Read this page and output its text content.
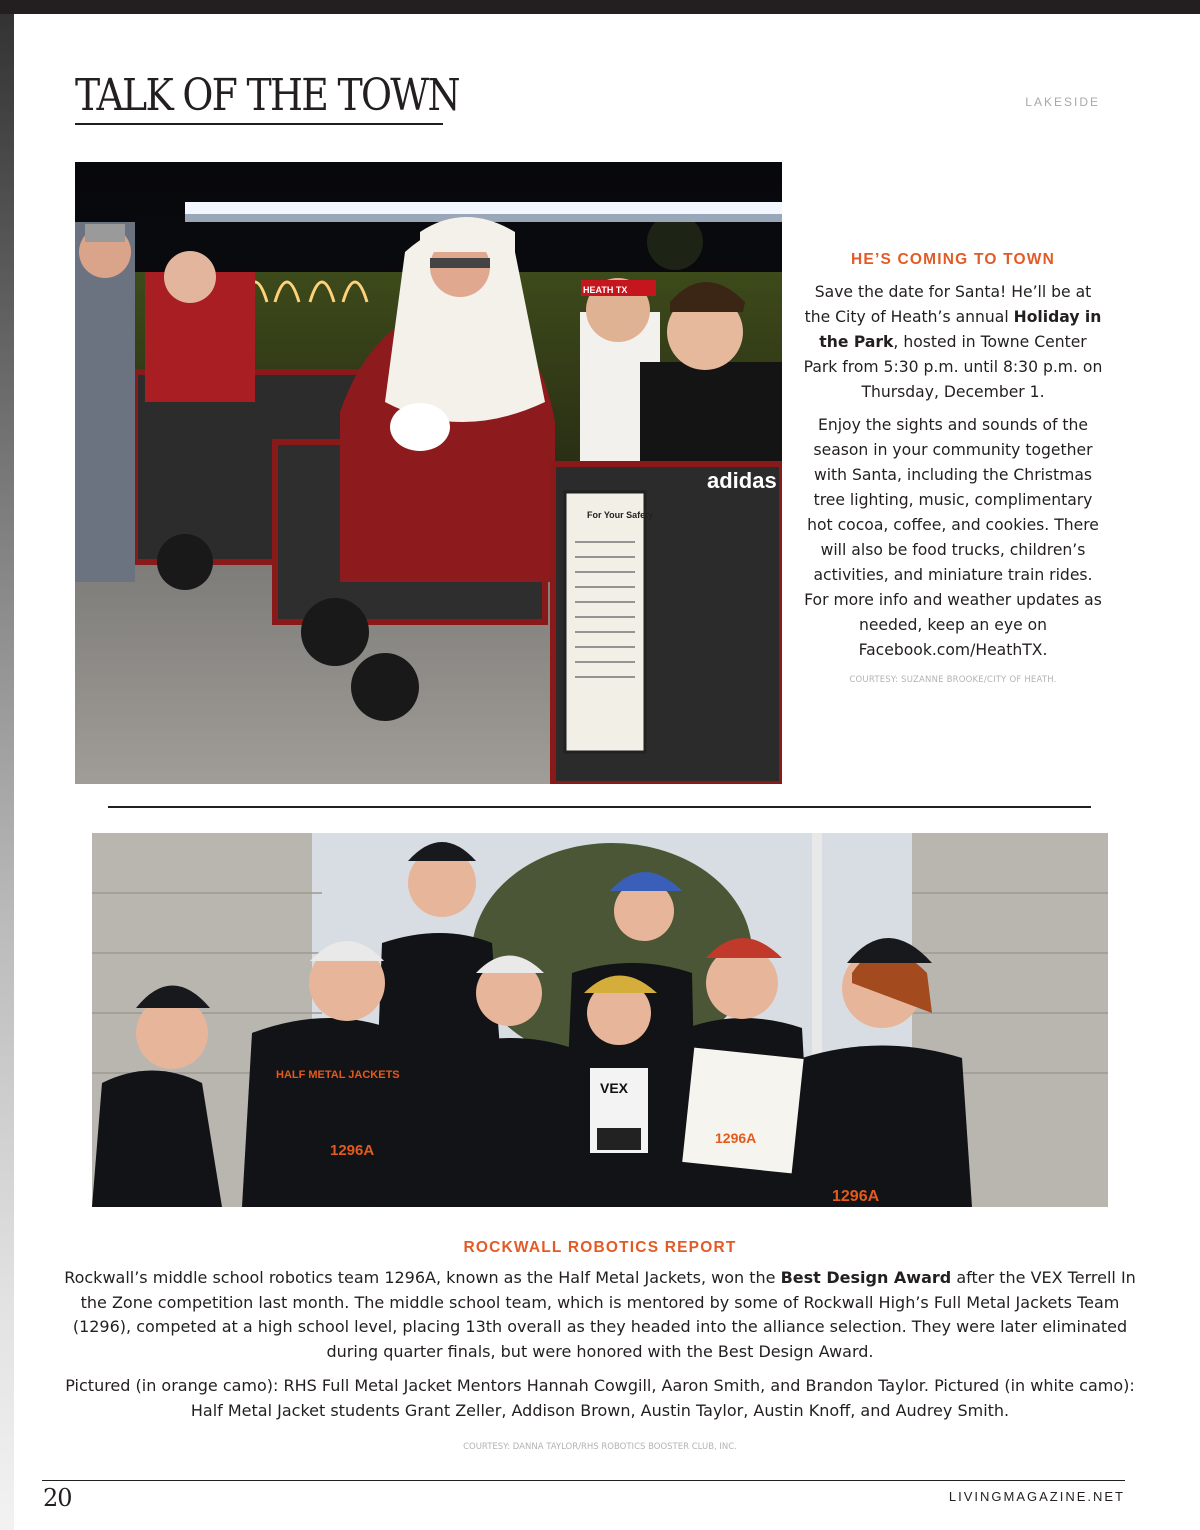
TALK OF THE TOWN	LAKESIDE
HEATH TX
For Your Safety
adidas
HE’S COMING TO TOWN

Save the date for Santa! He’ll be at the City of Heath’s annual Holiday in the Park, hosted in Towne Center Park from 5:30 p.m. until 8:30 p.m. on Thursday, December 1.

Enjoy the sights and sounds of the season in your community together with Santa, including the Christmas tree lighting, music, complimentary hot cocoa, coffee, and cookies. There will also be food trucks, children’s activities, and miniature train rides. For more info and weather updates as needed, keep an eye on Facebook.com/HeathTX.

COURTESY: SUZANNE BROOKE/CITY OF HEATH.
HALF METAL JACKETS
1296A
1296A
1296A
VEX
ROCKWALL ROBOTICS REPORT

Rockwall’s middle school robotics team 1296A, known as the Half Metal Jackets, won the Best Design Award after the VEX Terrell In the Zone competition last month. The middle school team, which is mentored by some of Rockwall High’s Full Metal Jackets Team (1296), competed at a high school level, placing 13th overall as they headed into the alliance selection. They were later eliminated during quarter finals, but were honored with the Best Design Award.

Pictured (in orange camo): RHS Full Metal Jacket Mentors Hannah Cowgill, Aaron Smith, and Brandon Taylor. Pictured (in white camo): Half Metal Jacket students Grant Zeller, Addison Brown, Austin Taylor, Austin Knoff, and Audrey Smith.

COURTESY: DANNA TAYLOR/RHS ROBOTICS BOOSTER CLUB, INC.
20	LIVINGMAGAZINE.NET
